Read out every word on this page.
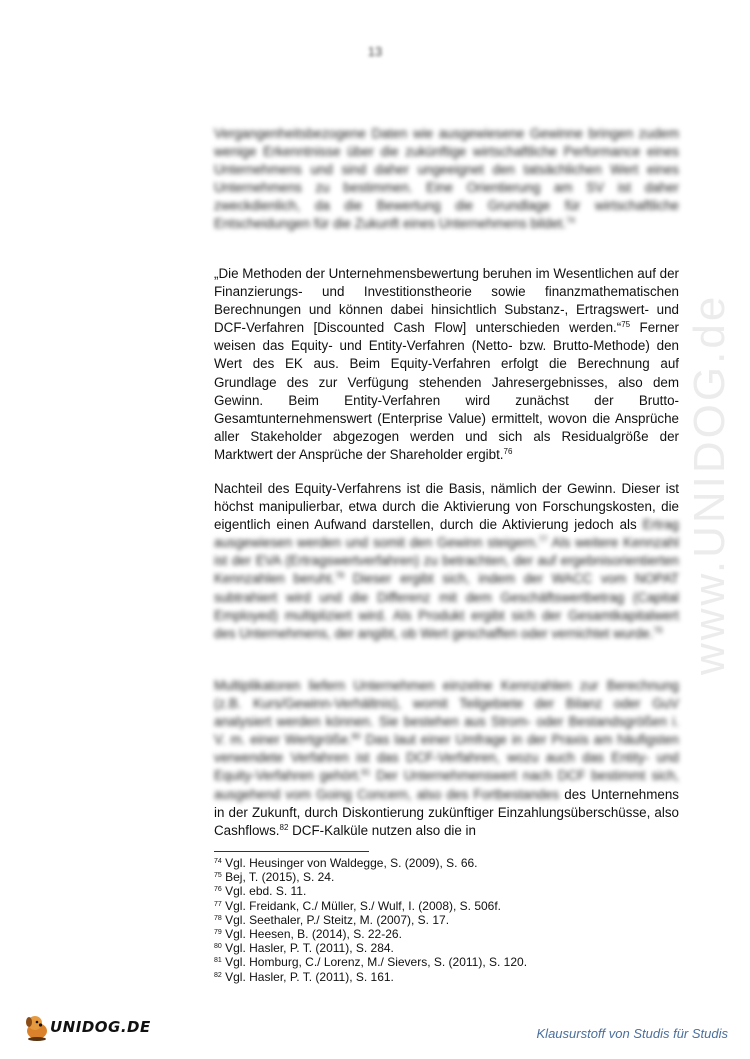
13
www.UNIDOG.de

Vergangenheitsbezogene Daten wie ausgewiesene Gewinne bringen zudem wenige Erkenntnisse über die zukünftige wirtschaftliche Performance eines Unternehmens und sind daher ungeeignet den tatsächlichen Wert eines Unternehmens zu bestimmen. Eine Orientierung am SV ist daher zweckdienlich, da die Bewertung die Grundlage für wirtschaftliche Entscheidungen für die Zukunft eines Unternehmens bildet.$^{74}$

„Die Methoden der Unternehmensbewertung beruhen im Wesentlichen auf der Finanzierungs- und Investitionstheorie sowie finanzmathematischen Berechnungen und können dabei hinsichtlich Substanz-, Ertragswert- und DCF-Verfahren [Discounted Cash Flow] unterschieden werden.“$^{75}$ Ferner weisen das Equity- und Entity-Verfahren (Netto- bzw. Brutto-Methode) den Wert des EK aus. Beim Equity-Verfahren erfolgt die Berechnung auf Grundlage des zur Verfügung stehenden Jahresergebnisses, also dem Gewinn. Beim Entity-Verfahren wird zunächst der Brutto-Gesamtunternehmenswert (Enterprise Value) ermittelt, wovon die Ansprüche aller Stakeholder abgezogen werden und sich als Residualgröße der Marktwert der Ansprüche der Shareholder ergibt.$^{76}$

Nachteil des Equity-Verfahrens ist die Basis, nämlich der Gewinn. Dieser ist höchst manipulierbar, etwa durch die Aktivierung von Forschungskosten, die eigentlich einen Aufwand darstellen, durch die Aktivierung jedoch als Ertrag ausgewiesen werden und somit den Gewinn steigern.$^{77}$ Als weitere Kennzahl ist der EVA (Ertragswertverfahren) zu betrachten, der auf ergebnisorientierten Kennzahlen beruht.$^{78}$ Dieser ergibt sich, indem der WACC vom NOPAT subtrahiert wird und die Differenz mit dem Geschäftswertbetrag (Capital Employed) multipliziert wird. Als Produkt ergibt sich der Gesamtkapitalwert des Unternehmens, der angibt, ob Wert geschaffen oder vernichtet wurde.$^{79}$

Multiplikatoren liefern Unternehmen einzelne Kennzahlen zur Berechnung (z.B. Kurs/Gewinn-Verhältnis), womit Teilgebiete der Bilanz oder GuV analysiert werden können. Sie bestehen aus Strom- oder Bestandsgrößen i. V. m. einer Wertgröße.$^{80}$ Das laut einer Umfrage in der Praxis am häufigsten verwendete Verfahren ist das DCF-Verfahren, wozu auch das Entity- und Equity-Verfahren gehört.$^{81}$ Der Unternehmenswert nach DCF bestimmt sich, ausgehend vom Going Concern, also des Fortbestandes des Unternehmens in der Zukunft, durch Diskontierung zukünftiger Einzahlungsüberschüsse, also Cashflows.$^{82}$ DCF-Kalküle nutzen also die in

$^{74}$ Vgl. Heusinger von Waldegge, S. (2009), S. 66.
$^{75}$ Bej, T. (2015), S. 24.
$^{76}$ Vgl. ebd. S. 11.
$^{77}$ Vgl. Freidank, C./ Müller, S./ Wulf, I. (2008), S. 506f.
$^{78}$ Vgl. Seethaler, P./ Steitz, M. (2007), S. 17.
$^{79}$ Vgl. Heesen, B. (2014), S. 22-26.
$^{80}$ Vgl. Hasler, P. T. (2011), S. 284.
$^{81}$ Vgl. Homburg, C./ Lorenz, M./ Sievers, S. (2011), S. 120.
$^{82}$ Vgl. Hasler, P. T. (2011), S. 161.
UNIDOG.DE	Klausurstoff von Studis für Studis
